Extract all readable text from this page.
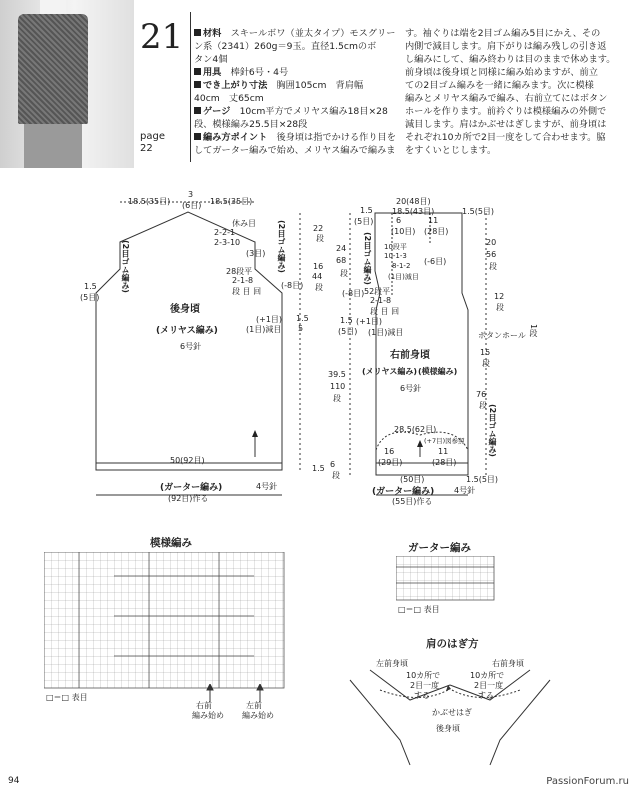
21
page
22
材料　 スキールボワ（並太タイプ）モスグリー
ン系（2341）260g＝9玉。直径1.5cmのボ
タン4個
用具　 棒針6号・4号
でき上がり寸法　 胸囲105cm　背肩幅
40cm　丈65cm
ゲージ　 10cm平方でメリヤス編み18目×28
段、模様編み25.5目×28段
編み方ポイント　 後身頃は指でかける作り目を
してガーター編みで始め、メリヤス編みで編みま
す。袖ぐりは端を2目ゴム編み5目にかえ、その
内側で減目します。肩下がりは編み残しの引き返
し編みにして、編み終わりは目のままで休めます。
前身頃は後身頃と同様に編み始めますが、前立
ての2目ゴム編みを一緒に編みます。次に模様
編みとメリヤス編みで編み、右前立てにはボタン
ホールを作ります。前衿ぐりは模様編みの外側で
減目します。肩はかぶせはぎしますが、前身頃は
それぞれ10カ所で2目一度をして合わせます。脇
をすくいとじします。
18.5(35目)
3
(6目) 18.5(35目)
休み目
2-2-1
2-3-10
(3目) (2目ゴム編み)	22
段
28段平
2-1-8
段 目 回
(-8目)
16
44
段
1.5
5
(+1目)
(1目)減目
(2目ゴム編み)
1.5
(5目)
後身頃
(メリヤス編み)
6号針
50(92目)
(ガーター編み)	4号針
(92目)作る
39.5
110
段
1.5 6
段
20(48目)
18.5(43目)	1.5(5目)
1.5
(5目)	6
(10目)
11
(28目)
10段平
10-1-3
8-1-2
(1目)減目
(-6目)
24
68
段 (2目ゴム編み)
52段平
2-1-8
段 目 回
(-8目)
(+1目)
(1目)減目
1.5
(5目)
右前身頃
(メリヤス編み) (模様編み)
6号針
20
56
段
12
段
ボタンホール 1段
15
段
76
段 (2目ゴム編み)
28.5(62目)
(+7目)図参照
16
(29目)
11
(28目)
(50目)	1.5(5目)
(ガーター編み) 4号針
(55目)作る
模様編み
□＝□ 表目
右前
編み始め
左前
編み始め
ガーター編み
□＝□ 表目
肩のはぎ方
左前身頃	右前身頃
10カ所で
2目一度
する
10カ所で
2目一度
する
かぶせはぎ
後身頃
94	PassionForum.ru
